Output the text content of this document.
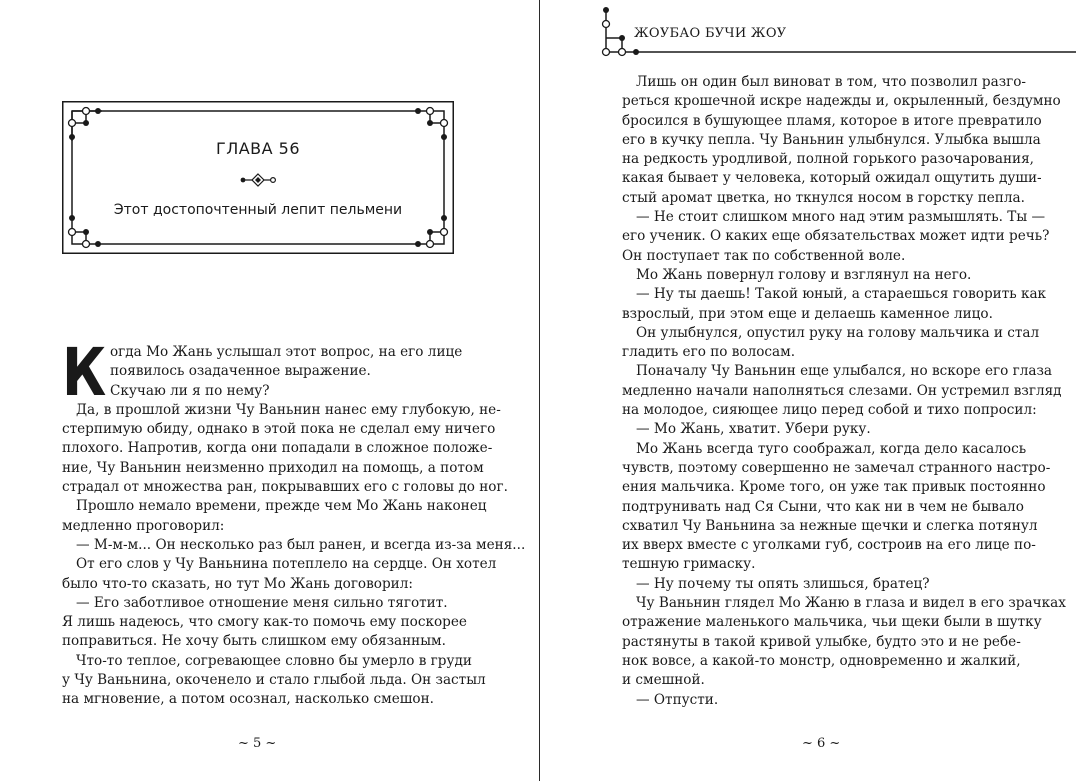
ГЛАВА 56
Этот достопочтенный лепит пельмени
К огда Мо Жань услышал этот вопрос, на его лице
появилось озадаченное выражение.
Скучаю ли я по нему?
Да, в прошлой жизни Чу Ваньнин нанес ему глубокую, не-
стерпимую обиду, однако в этой пока не сделал ему ничего
плохого. Напротив, когда они попадали в сложное положе-
ние, Чу Ваньнин неизменно приходил на помощь, а потом
страдал от множества ран, покрывавших его с головы до ног.
Прошло немало времени, прежде чем Мо Жань наконец
медленно проговорил:
— М-м-м... Он несколько раз был ранен, и всегда из-за меня...
От его слов у Чу Ваньнина потеплело на сердце. Он хотел
было что-то сказать, но тут Мо Жань договорил:
— Его заботливое отношение меня сильно тяготит.
Я лишь надеюсь, что смогу как-то помочь ему поскорее
поправиться. Не хочу быть слишком ему обязанным.
Что-то теплое, согревающее словно бы умерло в груди
у Чу Ваньнина, окоченело и стало глыбой льда. Он застыл
на мгновение, а потом осознал, насколько смешон.
~ 5 ~
ЖОУБАО БУЧИ ЖОУ
Лишь он один был виноват в том, что позволил разго-
реться крошечной искре надежды и, окрыленный, бездумно
бросился в бушующее пламя, которое в итоге превратило
его в кучку пепла. Чу Ваньнин улыбнулся. Улыбка вышла
на редкость уродливой, полной горького разочарования,
какая бывает у человека, который ожидал ощутить души-
стый аромат цветка, но ткнулся носом в горстку пепла.
— Не стоит слишком много над этим размышлять. Ты —
его ученик. О каких еще обязательствах может идти речь?
Он поступает так по собственной воле.
Мо Жань повернул голову и взглянул на него.
— Ну ты даешь! Такой юный, а стараешься говорить как
взрослый, при этом еще и делаешь каменное лицо.
Он улыбнулся, опустил руку на голову мальчика и стал
гладить его по волосам.
Поначалу Чу Ваньнин еще улыбался, но вскоре его глаза
медленно начали наполняться слезами. Он устремил взгляд
на молодое, сияющее лицо перед собой и тихо попросил:
— Мо Жань, хватит. Убери руку.
Мо Жань всегда туго соображал, когда дело касалось
чувств, поэтому совершенно не замечал странного настро-
ения мальчика. Кроме того, он уже так привык постоянно
подтрунивать над Ся Сыни, что как ни в чем не бывало
схватил Чу Ваньнина за нежные щечки и слегка потянул
их вверх вместе с уголками губ, состроив на его лице по-
тешную гримаску.
— Ну почему ты опять злишься, братец?
Чу Ваньнин глядел Мо Жаню в глаза и видел в его зрачках
отражение маленького мальчика, чьи щеки были в шутку
растянуты в такой кривой улыбке, будто это и не ребе-
нок вовсе, а какой-то монстр, одновременно и жалкий,
и смешной.
— Отпусти.
~ 6 ~
